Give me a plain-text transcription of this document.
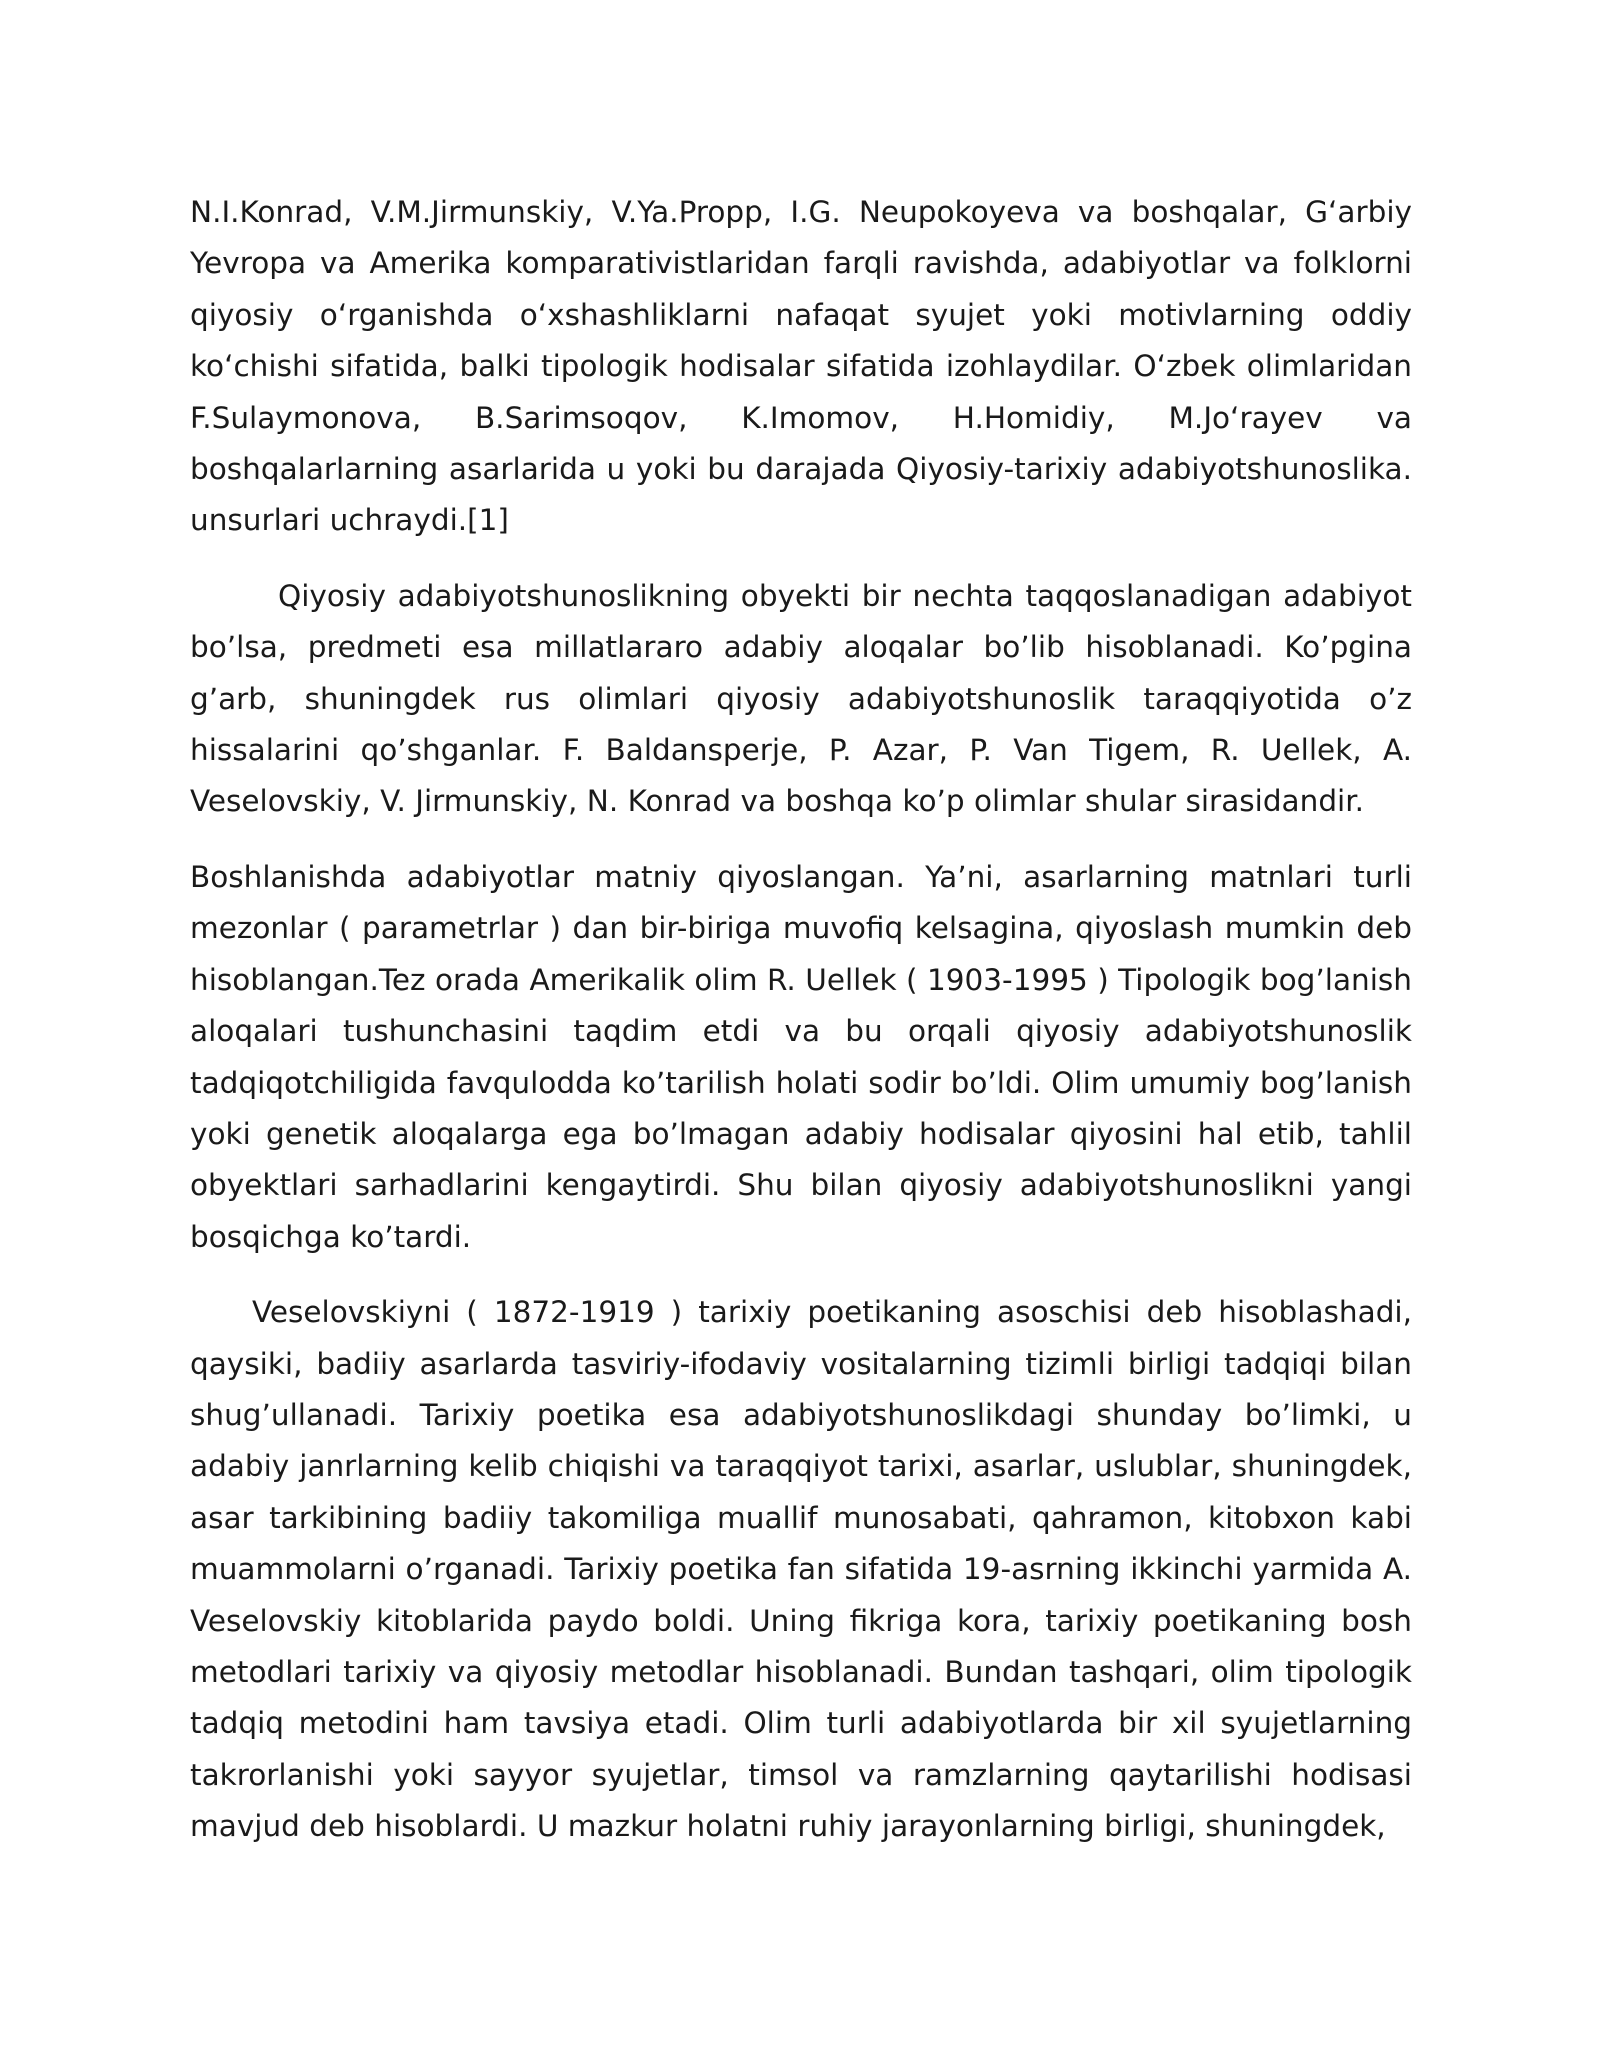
N.I.Konrad, V.M.Jirmunskiy, V.Ya.Propp, I.G. Neupokoyeva va boshqalar, G‘arbiy Yevropa va Amerika komparativistlaridan farqli ravishda, adabiyotlar va folklorni qiyosiy o‘rganishda o‘xshashliklarni nafaqat syujet yoki motivlarning oddiy ko‘chishi sifatida, balki tipologik hodisalar sifatida izohlaydilar. O‘zbek olimlaridan F.Sulaymonova, B.Sarimsoqov, K.Imomov, H.Homidiy, M.Jo‘rayev va boshqalarlarning asarlarida u yoki bu darajada Qiyosiy-tarixiy adabiyotshunoslika. unsurlari uchraydi.[1]

Qiyosiy adabiyotshunoslikning obyekti bir nechta taqqoslanadigan adabiyot bo’lsa, predmeti esa millatlararo adabiy aloqalar bo’lib hisoblanadi. Ko’pgina g’arb, shuningdek rus olimlari qiyosiy adabiyotshunoslik taraqqiyotida o’z hissalarini qo’shganlar. F. Baldansperje, P. Azar, P. Van Tigem, R. Uellek, A. Veselovskiy, V. Jirmunskiy, N. Konrad va boshqa ko’p olimlar shular sirasidandir.

Boshlanishda adabiyotlar matniy qiyoslangan. Ya’ni, asarlarning matnlari turli mezonlar ( parametrlar ) dan bir-biriga muvofiq kelsagina, qiyoslash mumkin deb hisoblangan.Tez orada Amerikalik olim R. Uellek ( 1903-1995 ) Tipologik bog’lanish aloqalari tushunchasini taqdim etdi va bu orqali qiyosiy adabiyotshunoslik tadqiqotchiligida favqulodda ko’tarilish holati sodir bo’ldi. Olim umumiy bog’lanish yoki genetik aloqalarga ega bo’lmagan adabiy hodisalar qiyosini hal etib, tahlil obyektlari sarhadlarini kengaytirdi. Shu bilan qiyosiy adabiyotshunoslikni yangi bosqichga ko’tardi.

Veselovskiyni ( 1872-1919 ) tarixiy poetikaning asoschisi deb hisoblashadi, qaysiki, badiiy asarlarda tasviriy-ifodaviy vositalarning tizimli birligi tadqiqi bilan shug’ullanadi. Tarixiy poetika esa adabiyotshunoslikdagi shunday bo’limki, u adabiy janrlarning kelib chiqishi va taraqqiyot tarixi, asarlar, uslublar, shuningdek, asar tarkibining badiiy takomiliga muallif munosabati, qahramon, kitobxon kabi muammolarni o’rganadi. Tarixiy poetika fan sifatida 19-asrning ikkinchi yarmida A. Veselovskiy kitoblarida paydo boldi. Uning fikriga kora, tarixiy poetikaning bosh metodlari tarixiy va qiyosiy metodlar hisoblanadi. Bundan tashqari, olim tipologik tadqiq metodini ham tavsiya etadi. Olim turli adabiyotlarda bir xil syujetlarning takrorlanishi yoki sayyor syujetlar, timsol va ramzlarning qaytarilishi hodisasi mavjud deb hisoblardi. U mazkur holatni ruhiy jarayonlarning birligi, shuningdek,
